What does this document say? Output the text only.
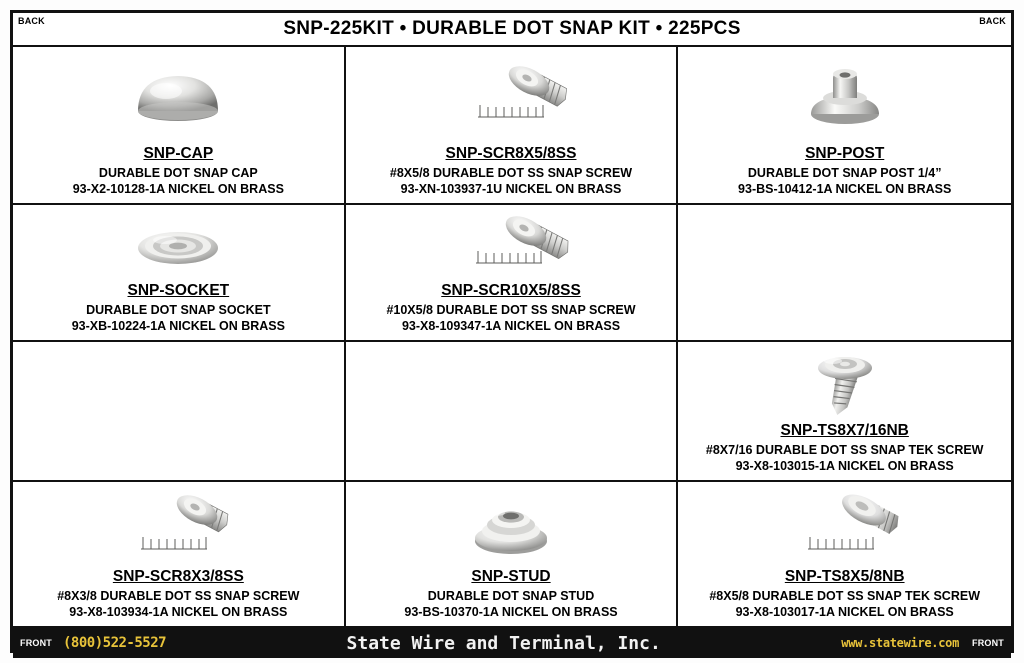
BACK	SNP-225KIT • DURABLE DOT SNAP KIT • 225PCS	BACK
SNP-CAP
DURABLE DOT SNAP CAP
93-X2-10128-1A NICKEL ON BRASS
SNP-SCR8X5/8SS
#8X5/8 DURABLE DOT SS SNAP SCREW
93-XN-103937-1U NICKEL ON BRASS
SNP-POST
DURABLE DOT SNAP POST 1/4”
93-BS-10412-1A NICKEL ON BRASS
SNP-SOCKET
DURABLE DOT SNAP SOCKET
93-XB-10224-1A NICKEL ON BRASS
SNP-SCR10X5/8SS
#10X5/8 DURABLE DOT SS SNAP SCREW
93-X8-109347-1A NICKEL ON BRASS
SNP-TS8X7/16NB
#8X7/16 DURABLE DOT SS SNAP TEK SCREW
93-X8-103015-1A NICKEL ON BRASS
SNP-SCR8X3/8SS
#8X3/8 DURABLE DOT SS SNAP SCREW
93-X8-103934-1A NICKEL ON BRASS
SNP-STUD
DURABLE DOT SNAP STUD
93-BS-10370-1A NICKEL ON BRASS
SNP-TS8X5/8NB
#8X5/8 DURABLE DOT SS SNAP TEK SCREW
93-X8-103017-1A NICKEL ON BRASS
FRONT (800)522-5527	State Wire and Terminal, Inc.	www.statewire.com	FRONT
